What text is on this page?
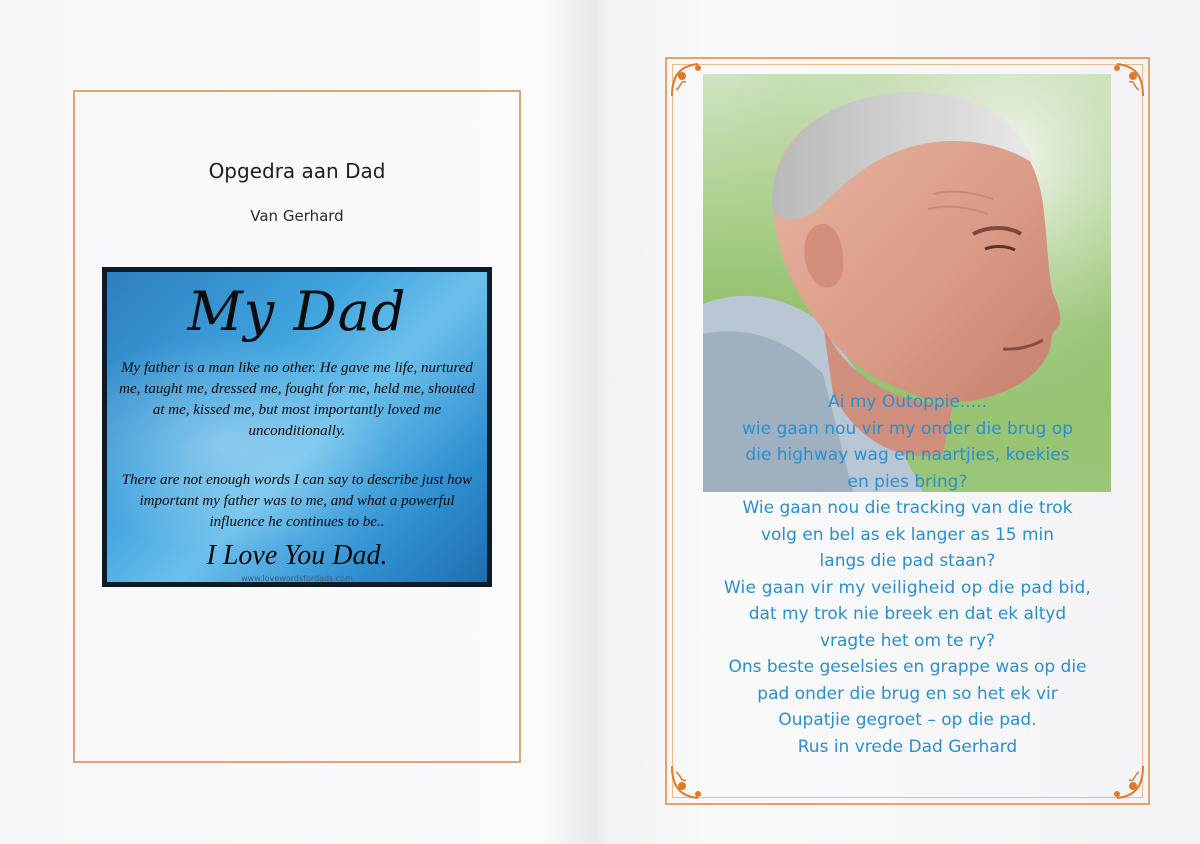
Opgedra aan Dad
Van Gerhard
My Dad
My father is a man like no other. He gave me life, nurtured me, taught me, dressed me, fought for me, held me, shouted at me, kissed me, but most importantly loved me unconditionally.
There are not enough words I can say to describe just how important my father was to me, and what a powerful influence he continues to be..
I Love You Dad.
www.lovewordsfordads.com
Ai my Outoppie.....
wie gaan nou vir my onder die brug op
die highway wag en naartjies, koekies
en pies bring?
Wie gaan nou die tracking van die trok
volg en bel as ek langer as 15 min
langs die pad staan?
Wie gaan vir my veiligheid op die pad bid,
dat my trok nie breek en dat ek altyd
vragte het om te ry?
Ons beste geselsies en grappe was op die
pad onder die brug en so het ek vir
Oupatjie gegroet – op die pad.
Rus in vrede Dad Gerhard
